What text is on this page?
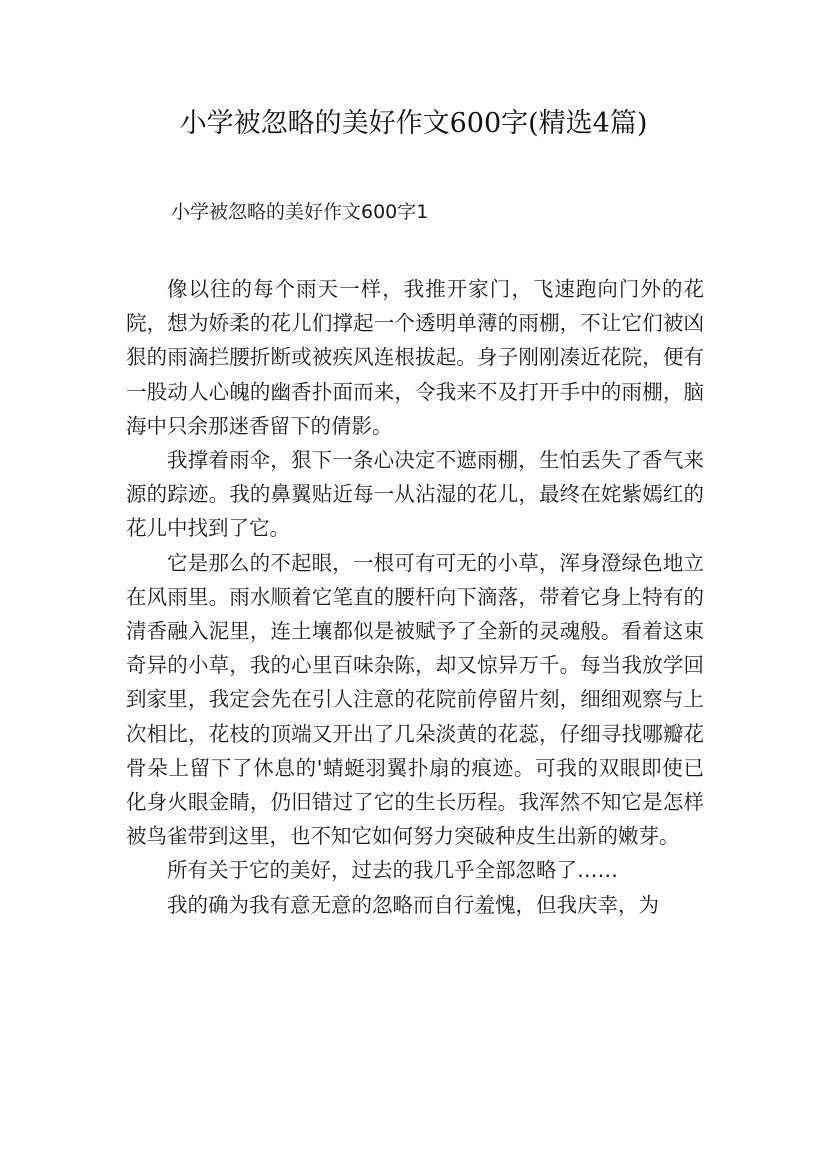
小学被忽略的美好作文600字(精选4篇)
小学被忽略的美好作文600字1

像以往的每个雨天一样，我推开家门，飞速跑向门外的花院，想为娇柔的花儿们撑起一个透明单薄的雨棚，不让它们被凶狠的雨滴拦腰折断或被疾风连根拔起。身子刚刚凑近花院，便有一股动人心魄的幽香扑面而来，令我来不及打开手中的雨棚，脑海中只余那迷香留下的倩影。

我撑着雨伞，狠下一条心决定不遮雨棚，生怕丢失了香气来源的踪迹。我的鼻翼贴近每一从沾湿的花儿，最终在姹紫嫣红的花儿中找到了它。

它是那么的不起眼，一根可有可无的小草，浑身澄绿色地立在风雨里。雨水顺着它笔直的腰杆向下滴落，带着它身上特有的清香融入泥里，连土壤都似是被赋予了全新的灵魂般。看着这束奇异的小草，我的心里百味杂陈，却又惊异万千。每当我放学回到家里，我定会先在引人注意的花院前停留片刻，细细观察与上次相比，花枝的顶端又开出了几朵淡黄的花蕊，仔细寻找哪瓣花骨朵上留下了休息的'蜻蜓羽翼扑扇的痕迹。可我的双眼即使已化身火眼金睛，仍旧错过了它的生长历程。我浑然不知它是怎样被鸟雀带到这里，也不知它如何努力突破种皮生出新的嫩芽。

所有关于它的美好，过去的我几乎全部忽略了……

我的确为我有意无意的忽略而自行羞愧，但我庆幸，为
